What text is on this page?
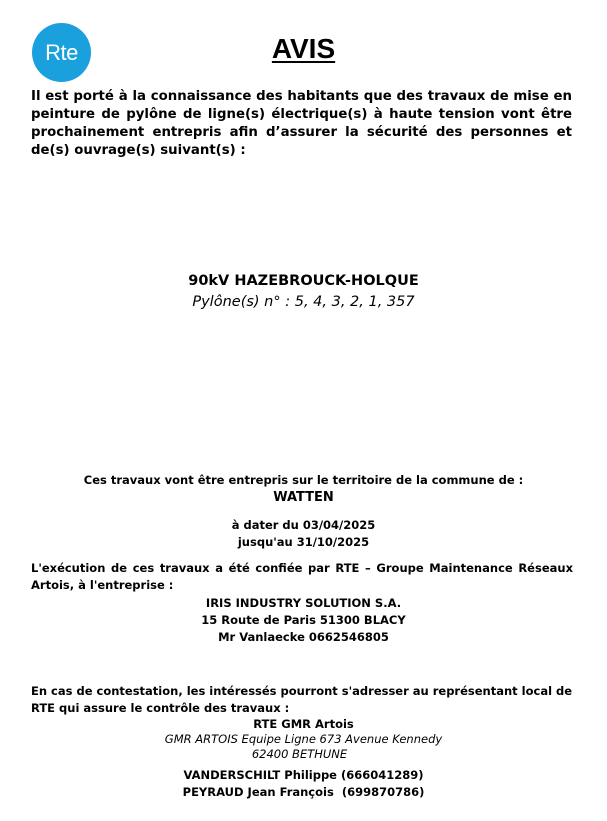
Rte	AVIS
Il est porté à la connaissance des habitants que des travaux de mise en peinture de pylône de ligne(s) électrique(s) à haute tension vont être prochainement entrepris afin d’assurer la sécurité des personnes et de(s) ouvrage(s) suivant(s) :
90kV HAZEBROUCK-HOLQUE
Pylône(s) n° : 5, 4, 3, 2, 1, 357
Ces travaux vont être entrepris sur le territoire de la commune de :
WATTEN
à dater du 03/04/2025
jusqu'au 31/10/2025
L'exécution de ces travaux a été confiée par RTE – Groupe Maintenance Réseaux Artois, à l'entreprise :
IRIS INDUSTRY SOLUTION S.A.
15 Route de Paris 51300 BLACY
Mr Vanlaecke 0662546805
En cas de contestation, les intéressés pourront s'adresser au représentant local de RTE qui assure le contrôle des travaux :
RTE GMR Artois
GMR ARTOIS Equipe Ligne 673 Avenue Kennedy
62400 BETHUNE
VANDERSCHILT Philippe (666041289)
PEYRAUD Jean François  (699870786)
